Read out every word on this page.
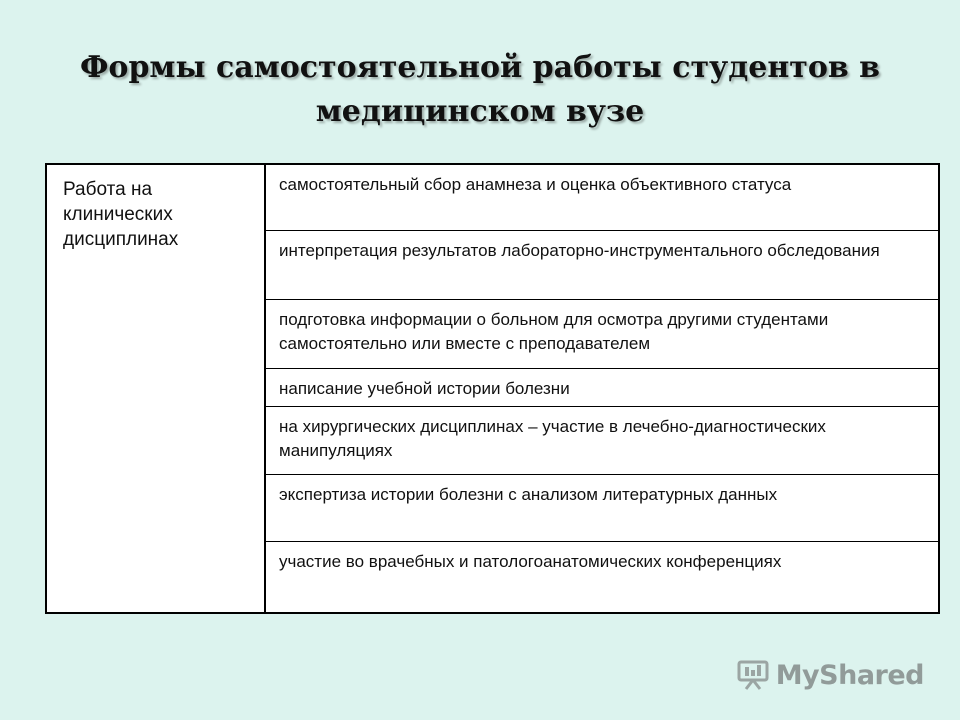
Формы самостоятельной работы студентов в медицинском вузе
Работа на клинических дисциплинах	самостоятельный сбор анамнеза и оценка объективного статуса
интерпретация результатов лабораторно-инструментального обследования
подготовка информации о больном для осмотра другими студентами самостоятельно или вместе с преподавателем
написание учебной истории болезни
на хирургических дисциплинах – участие в лечебно-диагностических манипуляциях
экспертиза истории болезни с анализом литературных данных
участие во врачебных и патологоанатомических конференциях
MyShared
